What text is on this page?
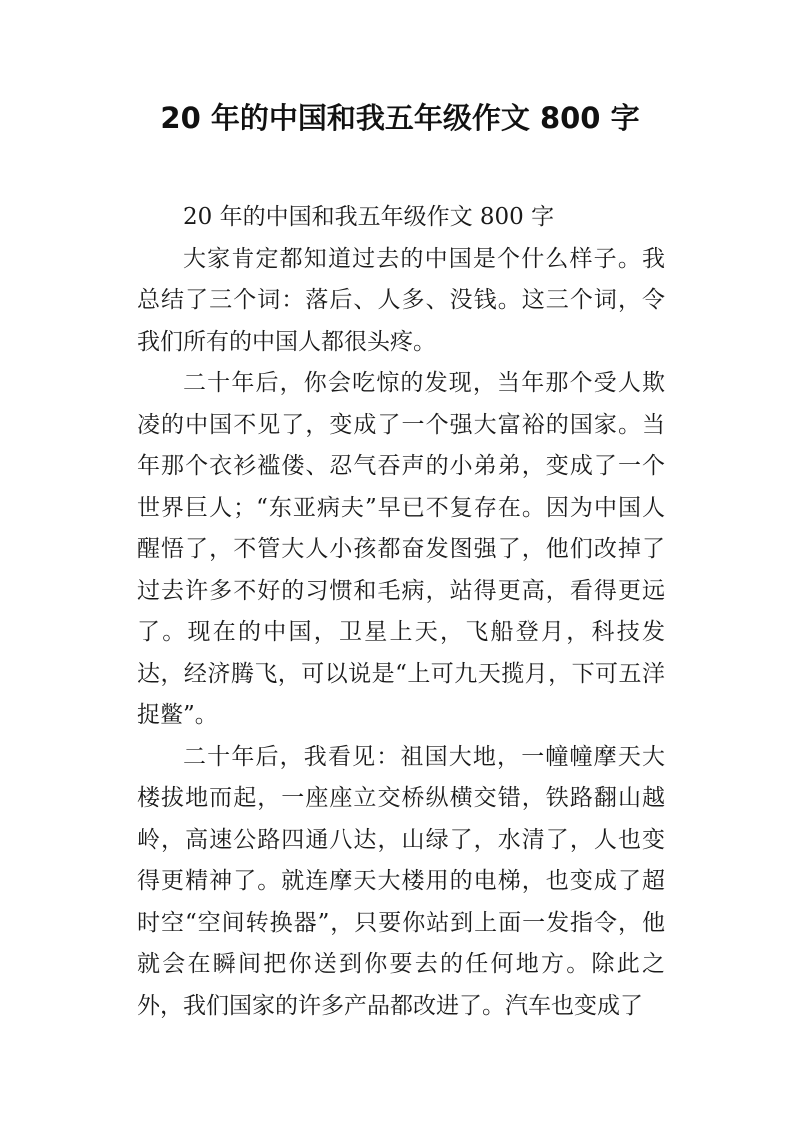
20 年的中国和我五年级作文 800 字

20 年的中国和我五年级作文 800 字

大家肯定都知道过去的中国是个什么样子。我总结了三个词：落后、人多、没钱。这三个词，令我们所有的中国人都很头疼。

二十年后，你会吃惊的发现，当年那个受人欺凌的中国不见了，变成了一个强大富裕的国家。当年那个衣衫褴偻、忍气吞声的小弟弟，变成了一个世界巨人；“东亚病夫”早已不复存在。因为中国人醒悟了，不管大人小孩都奋发图强了，他们改掉了过去许多不好的习惯和毛病，站得更高，看得更远了。现在的中国，卫星上天，飞船登月，科技发达，经济腾飞，可以说是“上可九天揽月，下可五洋捉鳖”。

二十年后，我看见：祖国大地，一幢幢摩天大楼拔地而起，一座座立交桥纵横交错，铁路翻山越岭，高速公路四通八达，山绿了，水清了，人也变得更精神了。就连摩天大楼用的电梯，也变成了超时空“空间转换器”，只要你站到上面一发指令，他就会在瞬间把你送到你要去的任何地方。除此之外，我们国家的许多产品都改进了。汽车也变成了
